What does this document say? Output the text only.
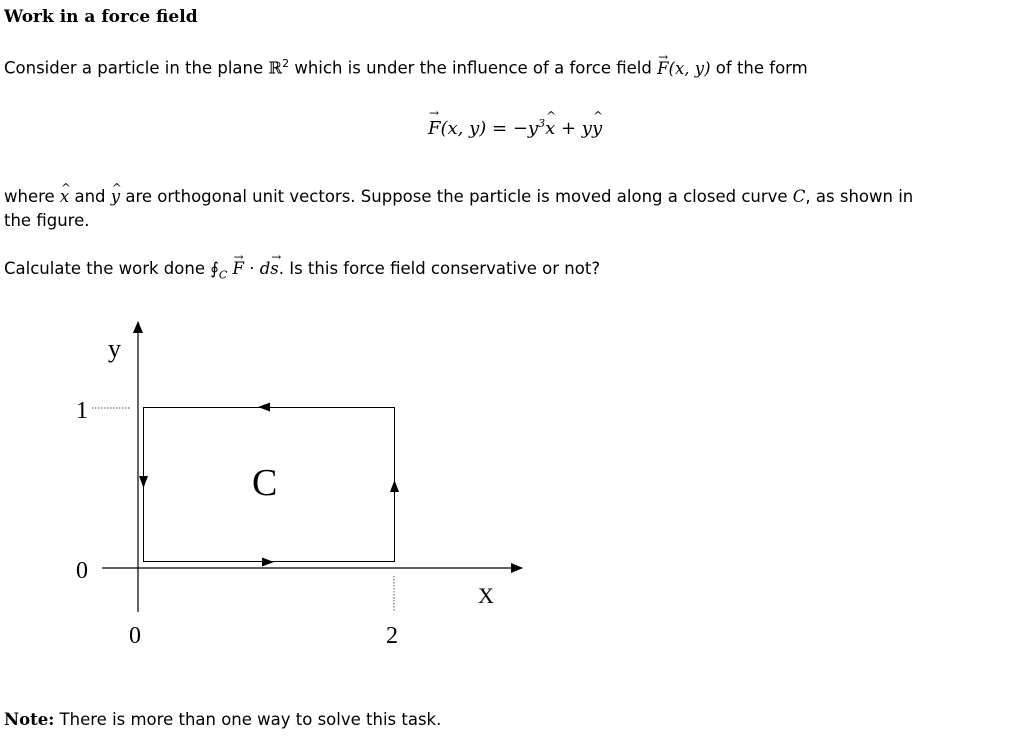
Work in a force field
Consider a particle in the plane ℝ$^2$ which is under the influence of a force field → F(x, y) of the form
→ F(x, $y) = -y^3\^{}$ x + y^ y
where ^ x and ^ y are orthogonal unit vectors. Suppose the particle is moved along a closed curve C, as shown in
the figure.
Calculate the work done $∮_C \to F \cdot d\to s$. Is this force field conservative or not?
y
X
1
0
0	2
C
Note: There is more than one way to solve this task.
